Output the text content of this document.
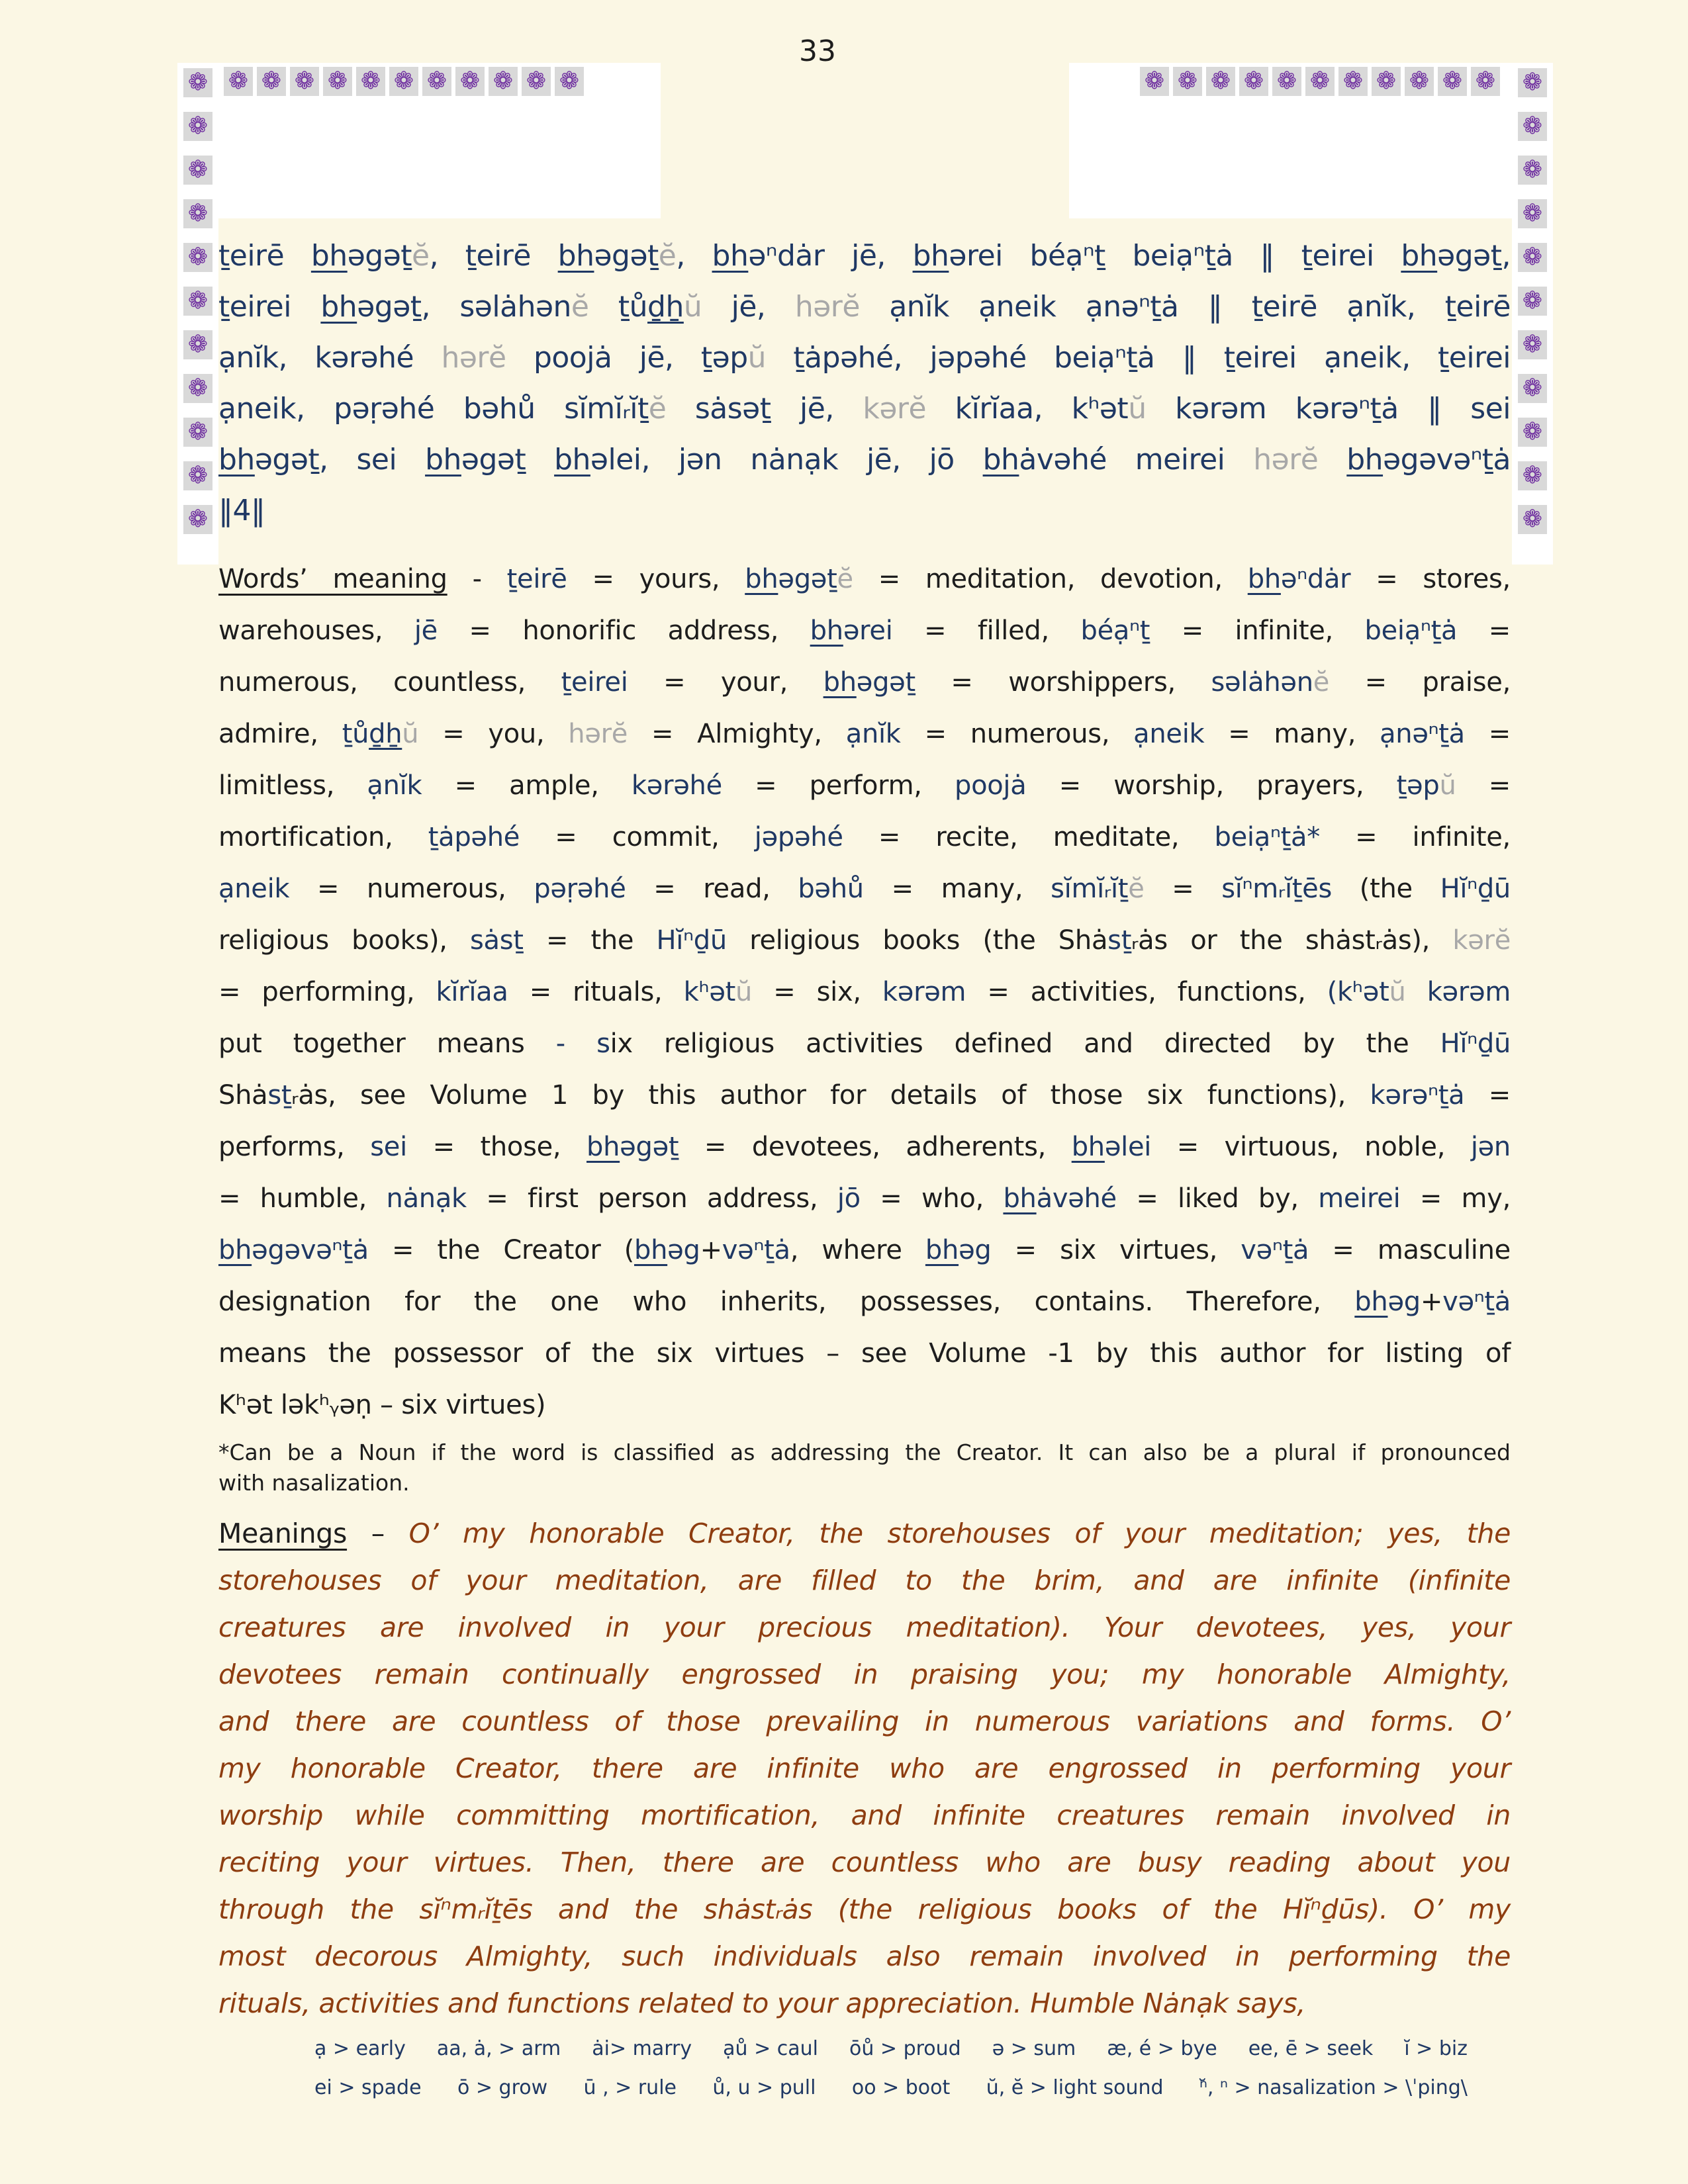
33
❁
❁
❁
❁
❁
❁
❁
❁
❁
❁
❁
❁
❁
❁
❁
❁
❁
❁
❁
❁
❁
❁
❁ ❁ ❁ ❁ ❁ ❁ ❁ ❁ ❁ ❁ ❁	❁ ❁ ❁ ❁ ❁ ❁ ❁ ❁ ❁ ❁ ❁
ṯeirē bhəgəṯĕ, ṯeirē bhəgəṯĕ, bhəⁿdȧr jē, bhərei béạⁿṯ beiạⁿṯȧ ‖ ṯeirei bhəgəṯ,
ṯeirei bhəgəṯ, səlȧhənĕ ṯůḏẖŭ jē, hərĕ ạnĭk ạneik ạnəⁿṯȧ ‖ ṯeirē ạnĭk, ṯeirē
ạnĭk, kərəhé hərĕ poojȧ jē, ṯəpŭ ṯȧpəhé, jəpəhé beiạⁿṯȧ ‖ ṯeirei ạneik, ṯeirei
ạneik, pəṛəhé bəhů sĭmĭᵣĭṯĕ sȧsəṯ jē, kərĕ kĭrĭaa, kʰətŭ kərəm kərəⁿṯȧ ‖ sei
bhəgəṯ, sei bhəgəṯ bhəlei, jən nȧnạk jē, jō bhȧvəhé meirei hərĕ bhəgəvəⁿṯȧ
‖4‖
Words’ meaning - ṯeirē = yours, bhəgəṯĕ = meditation, devotion, bhəⁿdȧr = stores,
warehouses, jē = honorific address, bhərei = filled, béạⁿṯ = infinite, beiạⁿṯȧ =
numerous, countless, ṯeirei = your, bhəgəṯ = worshippers, səlȧhənĕ = praise,
admire, ṯůḏẖŭ = you, hərĕ = Almighty, ạnĭk = numerous, ạneik = many, ạnəⁿṯȧ =
limitless, ạnĭk = ample, kərəhé = perform, poojȧ = worship, prayers, ṯəpŭ =
mortification, ṯȧpəhé = commit, jəpəhé = recite, meditate, beiạⁿṯȧ* = infinite,
ạneik = numerous, pəṛəhé = read, bəhů = many, sĭmĭᵣĭṯĕ = sĭⁿmᵣĭṯēs (the Hĭⁿḏū
religious books), sȧsṯ = the Hĭⁿḏū religious books (the Shȧsṯᵣȧs or the shȧstᵣȧs), kərĕ
= performing, kĭrĭaa = rituals, kʰətŭ = six, kərəm = activities, functions, (kʰətŭ kərəm
put together means - six religious activities defined and directed by the Hĭⁿḏū
Shȧsṯᵣȧs, see Volume 1 by this author for details of those six functions), kərəⁿṯȧ =
performs, sei = those, bhəgəṯ = devotees, adherents, bhəlei = virtuous, noble, jən
= humble, nȧnạk = first person address, jō = who, bhȧvəhé = liked by, meirei = my,
bhəgəvəⁿṯȧ = the Creator (bhəg+vəⁿṯȧ, where bhəg = six virtues, vəⁿṯȧ = masculine
designation for the one who inherits, possesses, contains. Therefore, bhəg+vəⁿṯȧ
means the possessor of the six virtues – see Volume -1 by this author for listing of
Kʰət ləkʰᵧəṇ – six virtues)
*Can be a Noun if the word is classified as addressing the Creator. It can also be a plural if pronounced
with nasalization.
Meanings – O’ my honorable Creator, the storehouses of your meditation; yes, the
storehouses of your meditation, are filled to the brim, and are infinite (infinite
creatures are involved in your precious meditation). Your devotees, yes, your
devotees remain continually engrossed in praising you; my honorable Almighty,
and there are countless of those prevailing in numerous variations and forms. O’
my honorable Creator, there are infinite who are engrossed in performing your
worship while committing mortification, and infinite creatures remain involved in
reciting your virtues. Then, there are countless who are busy reading about you
through the sĭⁿmᵣĭṯēs and the shȧstᵣȧs (the religious books of the Hĭⁿḏūs). O’ my
most decorous Almighty, such individuals also remain involved in performing the
rituals, activities and functions related to your appreciation. Humble Nȧnạk says,
ạ > early aa, ȧ, > arm ȧi> marry ạů > caul ōů > proud ə > sum æ, é > bye ee, ē > seek ĭ > biz
ei > spade ō > grow ū , > rule ů, u > pull oo > boot ŭ, ĕ > light sound ⁿ̆, ⁿ > nasalization > \ˈping\
